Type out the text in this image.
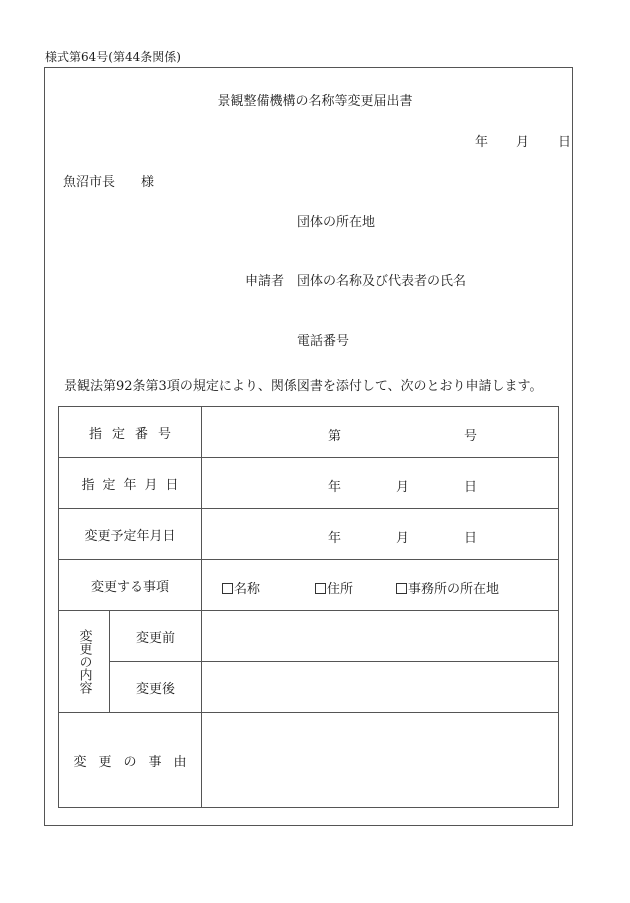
様式第64号(第44条関係)
景観整備機構の名称等変更届出書
年 月 日
魚沼市長 様
団体の所在地
申請者 団体の名称及び代表者の氏名
電話番号
景観法第92条第3項の規定により、関係図書を添付して、次のとおり申請します。
指 定 番 号		第 号

指 定 年 月 日		年 月 日

変更予定年月日		年 月 日

変更する事項		名称 住所 事務所の所在地

変更の内容	変更前	
	変更後	
変 更 の 事 由		
